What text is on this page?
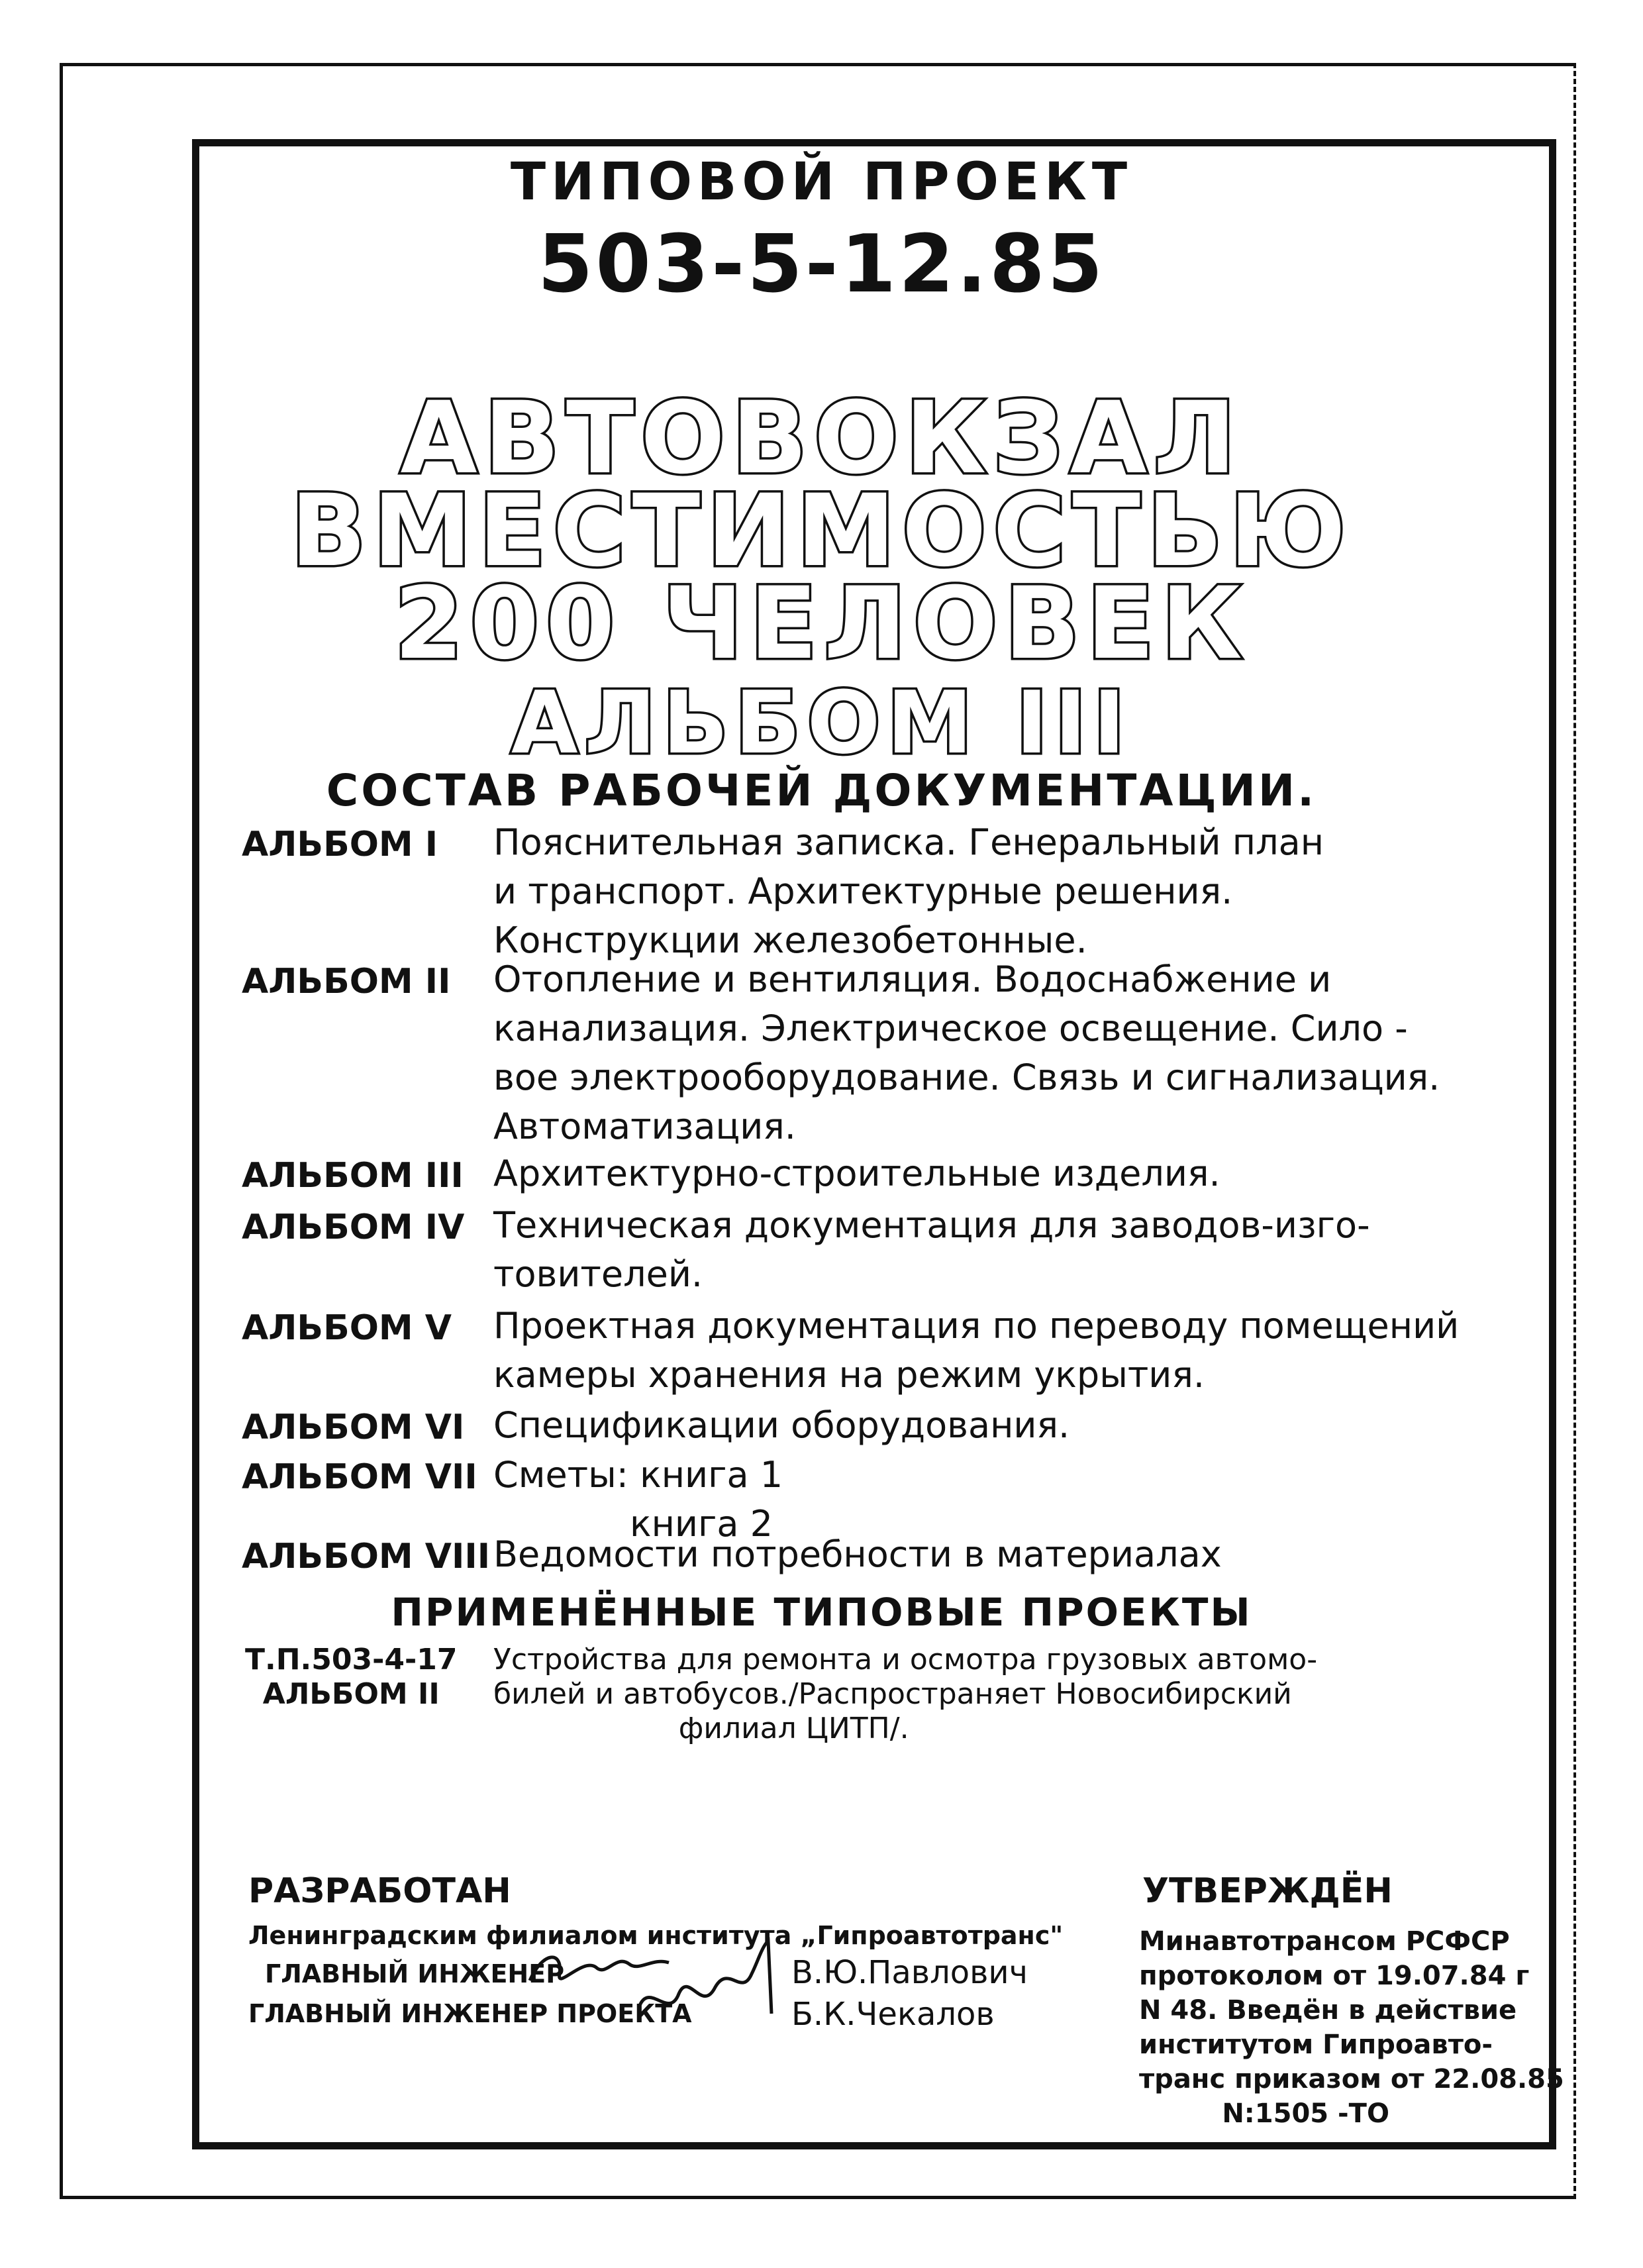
ТИПОВОЙ ПРОЕКТ
503-5-12.85
АВТОВОКЗАЛ
ВМЕСТИМОСТЬЮ
200 ЧЕЛОВЕК
АЛЬБОМ III
СОСТАВ РАБОЧЕЙ ДОКУМЕНТАЦИИ.
АЛЬБОМ I Пояснительная записка. Генеральный план
и транспорт. Архитектурные решения.
Конструкции железобетонные.
АЛЬБОМ II Отопление и вентиляция. Водоснабжение и
канализация. Электрическое освещение. Сило -
вое электрооборудование. Связь и сигнализация.
Автоматизация.
АЛЬБОМ III Архитектурно-строительные изделия.
АЛЬБОМ IV Техническая документация для заводов-изго-
товителей.
АЛЬБОМ V Проектная документация по переводу помещений
камеры хранения на режим укрытия.
АЛЬБОМ VI Спецификации оборудования.
АЛЬБОМ VII Сметы: книга 1
книга 2
АЛЬБОМ VIII Ведомости потребности в материалах
ПРИМЕНЁННЫЕ ТИПОВЫЕ ПРОЕКТЫ
Т.П.503-4-17
АЛЬБОМ II
Устройства для ремонта и осмотра грузовых автомо-
билей и автобусов./Распространяет Новосибирский
филиал ЦИТП/.
РАЗРАБОТАН
Ленинградским филиалом института „Гипроавтотранс"
ГЛАВНЫЙ ИНЖЕНЕР	В.Ю.Павлович
ГЛАВНЫЙ ИНЖЕНЕР ПРОЕКТА	Б.К.Чекалов
УТВЕРЖДЁН
Минавтотрансом РСФСР
протоколом от 19.07.84 г
N 48. Введён в действие
институтом Гипроавто-
транс приказом от 22.08.85
N:1505 -ТО
